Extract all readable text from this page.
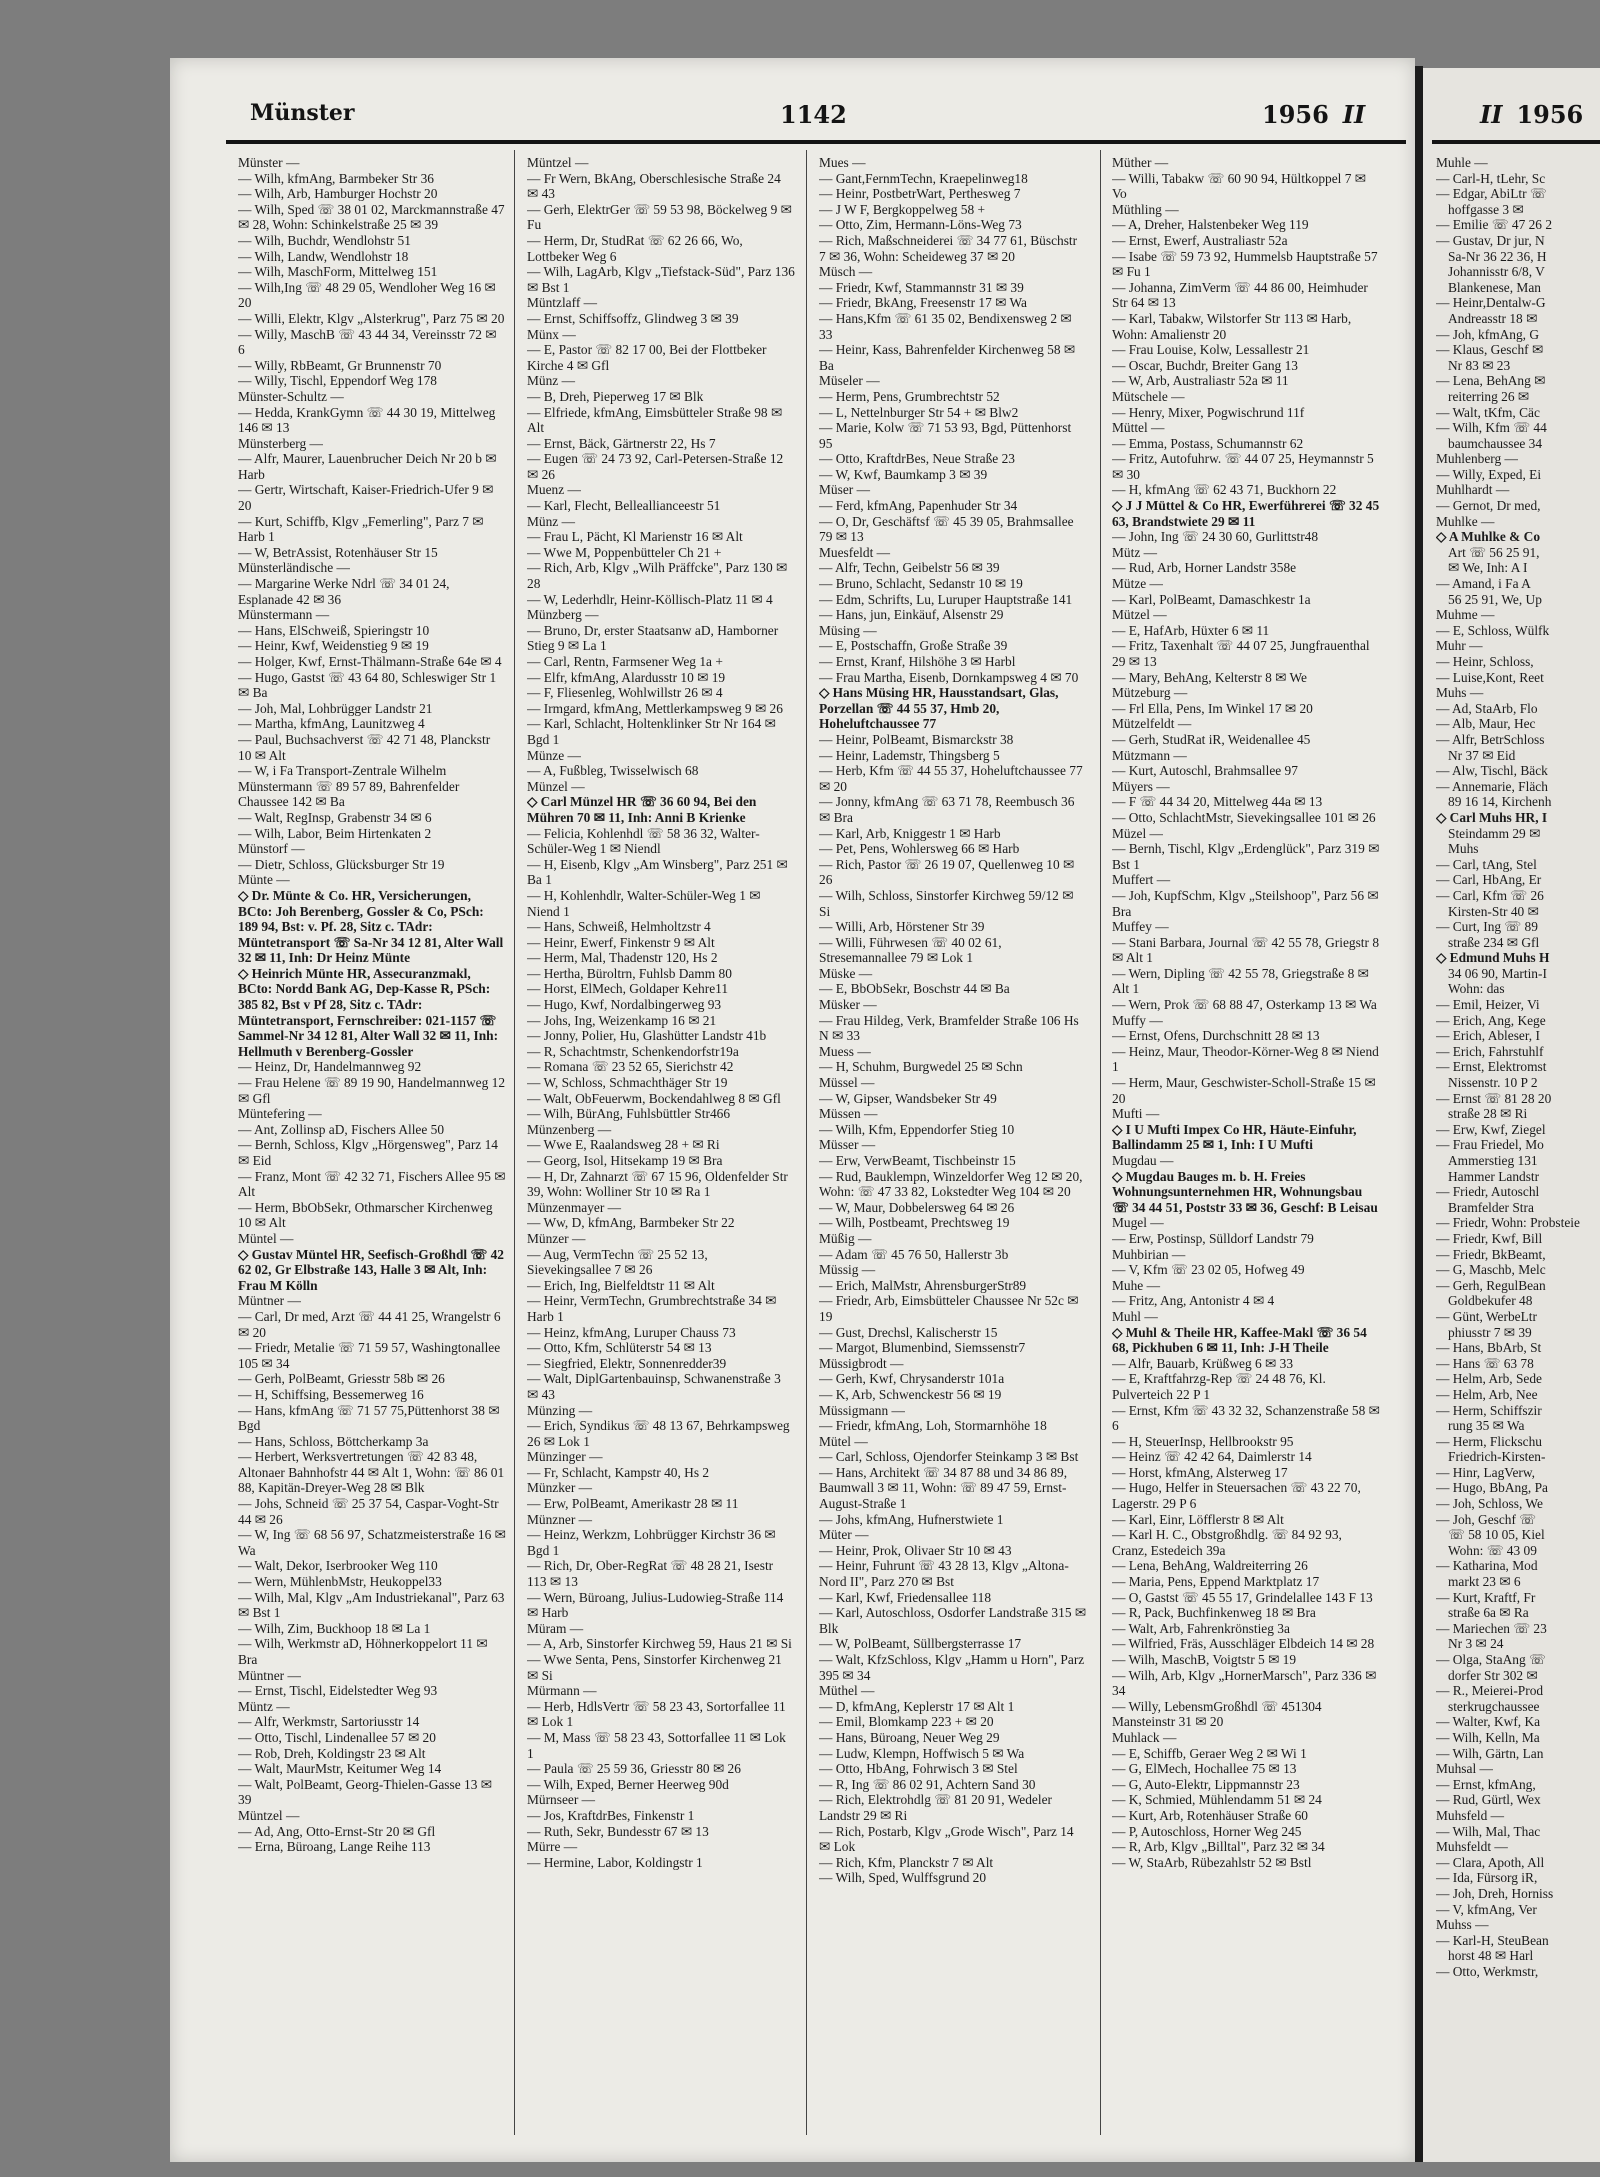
Münster	1142	1956 II	II 1956

Münster —

— Wilh, kfmAng, Barmbeker Str 36

— Wilh, Arb, Hamburger Hochstr 20

— Wilh, Sped ☏ 38 01 02, Marckmannstraße 47 ✉ 28, Wohn: Schinkelstraße 25 ✉ 39

— Wilh, Buchdr, Wendlohstr 51

— Wilh, Landw, Wendlohstr 18

— Wilh, MaschForm, Mittelweg 151

— Wilh,Ing ☏ 48 29 05, Wendloher Weg 16 ✉ 20

— Willi, Elektr, Klgv „Alsterkrug", Parz 75 ✉ 20

— Willy, MaschB ☏ 43 44 34, Vereinsstr 72 ✉ 6

— Willy, RbBeamt, Gr Brunnenstr 70

— Willy, Tischl, Eppendorf Weg 178

Münster-Schultz —

— Hedda, KrankGymn ☏ 44 30 19, Mittelweg 146 ✉ 13

Münsterberg —

— Alfr, Maurer, Lauenbrucher Deich Nr 20 b ✉ Harb

— Gertr, Wirtschaft, Kaiser-Friedrich-Ufer 9 ✉ 20

— Kurt, Schiffb, Klgv „Femerling", Parz 7 ✉ Harb 1

— W, BetrAssist, Rotenhäuser Str 15

Münsterländische —

— Margarine Werke Ndrl ☏ 34 01 24, Esplanade 42 ✉ 36

Münstermann —

— Hans, ElSchweiß, Spieringstr 10

— Heinr, Kwf, Weidenstieg 9 ✉ 19

— Holger, Kwf, Ernst-Thälmann-Straße 64e ✉ 4

— Hugo, Gastst ☏ 43 64 80, Schleswiger Str 1 ✉ Ba

— Joh, Mal, Lohbrügger Landstr 21

— Martha, kfmAng, Launitzweg 4

— Paul, Buchsachverst ☏ 42 71 48, Planckstr 10 ✉ Alt

— W, i Fa Transport-Zentrale Wilhelm Münstermann ☏ 89 57 89, Bahrenfelder Chaussee 142 ✉ Ba

— Walt, RegInsp, Grabenstr 34 ✉ 6

— Wilh, Labor, Beim Hirtenkaten 2

Münstorf —

— Dietr, Schloss, Glücksburger Str 19

Münte —

◇ Dr. Münte & Co. HR, Versicherungen, BCto: Joh Berenberg, Gossler & Co, PSch: 189 94, Bst: v. Pf. 28, Sitz c. TAdr: Müntetransport ☏ Sa-Nr 34 12 81, Alter Wall 32 ✉ 11, Inh: Dr Heinz Münte

◇ Heinrich Münte HR, Assecuranzmakl, BCto: Nordd Bank AG, Dep-Kasse R, PSch: 385 82, Bst v Pf 28, Sitz c. TAdr: Müntetransport, Fernschreiber: 021-1157 ☏ Sammel-Nr 34 12 81, Alter Wall 32 ✉ 11, Inh: Hellmuth v Berenberg-Gossler

— Heinz, Dr, Handelmannweg 92

— Frau Helene ☏ 89 19 90, Handelmannweg 12 ✉ Gfl

Müntefering —

— Ant, Zollinsp aD, Fischers Allee 50

— Bernh, Schloss, Klgv „Hörgensweg", Parz 14 ✉ Eid

— Franz, Mont ☏ 42 32 71, Fischers Allee 95 ✉ Alt

— Herm, BbObSekr, Othmarscher Kirchenweg 10 ✉ Alt

Müntel —

◇ Gustav Müntel HR, Seefisch-Großhdl ☏ 42 62 02, Gr Elbstraße 143, Halle 3 ✉ Alt, Inh: Frau M Kölln

Müntner —

— Carl, Dr med, Arzt ☏ 44 41 25, Wrangelstr 6 ✉ 20

— Friedr, Metalie ☏ 71 59 57, Washingtonallee 105 ✉ 34

— Gerh, PolBeamt, Griesstr 58b ✉ 26

— H, Schiffsing, Bessemerweg 16

— Hans, kfmAng ☏ 71 57 75,Püttenhorst 38 ✉ Bgd

— Hans, Schloss, Böttcherkamp 3a

— Herbert, Werksvertretungen ☏ 42 83 48, Altonaer Bahnhofstr 44 ✉ Alt 1, Wohn: ☏ 86 01 88, Kapitän-Dreyer-Weg 28 ✉ Blk

— Johs, Schneid ☏ 25 37 54, Caspar-Voght-Str 44 ✉ 26

— W, Ing ☏ 68 56 97, Schatzmeisterstraße 16 ✉ Wa

— Walt, Dekor, Iserbrooker Weg 110

— Wern, MühlenbMstr, Heukoppel33

— Wilh, Mal, Klgv „Am Industriekanal", Parz 63 ✉ Bst 1

— Wilh, Zim, Buckhoop 18 ✉ La 1

— Wilh, Werkmstr aD, Höhnerkoppelort 11 ✉ Bra

Müntner —

— Ernst, Tischl, Eidelstedter Weg 93

Müntz —

— Alfr, Werkmstr, Sartoriusstr 14

— Otto, Tischl, Lindenallee 57 ✉ 20

— Rob, Dreh, Koldingstr 23 ✉ Alt

— Walt, MaurMstr, Keitumer Weg 14

— Walt, PolBeamt, Georg-Thielen-Gasse 13 ✉ 39

Müntzel —

— Ad, Ang, Otto-Ernst-Str 20 ✉ Gfl

— Erna, Büroang, Lange Reihe 113

Müntzel —

— Fr Wern, BkAng, Oberschlesische Straße 24 ✉ 43

— Gerh, ElektrGer ☏ 59 53 98, Böckelweg 9 ✉ Fu

— Herm, Dr, StudRat ☏ 62 26 66, Wo, Lottbeker Weg 6

— Wilh, LagArb, Klgv „Tiefstack-Süd", Parz 136 ✉ Bst 1

Müntzlaff —

— Ernst, Schiffsoffz, Glindweg 3 ✉ 39

Münx —

— E, Pastor ☏ 82 17 00, Bei der Flottbeker Kirche 4 ✉ Gfl

Münz —

— B, Dreh, Pieperweg 17 ✉ Blk

— Elfriede, kfmAng, Eimsbütteler Straße 98 ✉ Alt

— Ernst, Bäck, Gärtnerstr 22, Hs 7

— Eugen ☏ 24 73 92, Carl-Petersen-Straße 12 ✉ 26

Muenz —

— Karl, Flecht, Belleallianceestr 51

Münz —

— Frau L, Pächt, Kl Marienstr 16 ✉ Alt

— Wwe M, Poppenbütteler Ch 21 +

— Rich, Arb, Klgv „Wilh Präffcke", Parz 130 ✉ 28

— W, Lederhdlr, Heinr-Köllisch-Platz 11 ✉ 4

Münzberg —

— Bruno, Dr, erster Staatsanw aD, Hamborner Stieg 9 ✉ La 1

— Carl, Rentn, Farmsener Weg 1a +

— Elfr, kfmAng, Alardusstr 10 ✉ 19

— F, Fliesenleg, Wohlwillstr 26 ✉ 4

— Irmgard, kfmAng, Mettlerkampsweg 9 ✉ 26

— Karl, Schlacht, Holtenklinker Str Nr 164 ✉ Bgd 1

Münze —

— A, Fußbleg, Twisselwisch 68

Münzel —

◇ Carl Münzel HR ☏ 36 60 94, Bei den Mühren 70 ✉ 11, Inh: Anni B Krienke

— Felicia, Kohlenhdl ☏ 58 36 32, Walter-Schüler-Weg 1 ✉ Niendl

— H, Eisenb, Klgv „Am Winsberg", Parz 251 ✉ Ba 1

— H, Kohlenhdlr, Walter-Schüler-Weg 1 ✉ Niend 1

— Hans, Schweiß, Helmholtzstr 4

— Heinr, Ewerf, Finkenstr 9 ✉ Alt

— Herm, Mal, Thadenstr 120, Hs 2

— Hertha, Büroltrn, Fuhlsb Damm 80

— Horst, ElMech, Goldaper Kehre11

— Hugo, Kwf, Nordalbingerweg 93

— Johs, Ing, Weizenkamp 16 ✉ 21

— Jonny, Polier, Hu, Glashütter Landstr 41b

— R, Schachtmstr, Schenkendorfstr19a

— Romana ☏ 23 52 65, Sierichstr 42

— W, Schloss, Schmachthäger Str 19

— Walt, ObFeuerwm, Bockendahlweg 8 ✉ Gfl

— Wilh, BürAng, Fuhlsbüttler Str466

Münzenberg —

— Wwe E, Raalandsweg 28 + ✉ Ri

— Georg, Isol, Hitsekamp 19 ✉ Bra

— H, Dr, Zahnarzt ☏ 67 15 96, Oldenfelder Str 39, Wohn: Wolliner Str 10 ✉ Ra 1

Münzenmayer —

— Ww, D, kfmAng, Barmbeker Str 22

Münzer —

— Aug, VermTechn ☏ 25 52 13, Sievekingsallee 7 ✉ 26

— Erich, Ing, Bielfeldtstr 11 ✉ Alt

— Heinr, VermTechn, Grumbrechtstraße 34 ✉ Harb 1

— Heinz, kfmAng, Luruper Chauss 73

— Otto, Kfm, Schlüterstr 54 ✉ 13

— Siegfried, Elektr, Sonnenredder39

— Walt, DiplGartenbauinsp, Schwanenstraße 3 ✉ 43

Münzing —

— Erich, Syndikus ☏ 48 13 67, Behrkampsweg 26 ✉ Lok 1

Münzinger —

— Fr, Schlacht, Kampstr 40, Hs 2

Münzker —

— Erw, PolBeamt, Amerikastr 28 ✉ 11

Münzner —

— Heinz, Werkzm, Lohbrügger Kirchstr 36 ✉ Bgd 1

— Rich, Dr, Ober-RegRat ☏ 48 28 21, Isestr 113 ✉ 13

— Wern, Büroang, Julius-Ludowieg-Straße 114 ✉ Harb

Müram —

— A, Arb, Sinstorfer Kirchweg 59, Haus 21 ✉ Si

— Wwe Senta, Pens, Sinstorfer Kirchenweg 21 ✉ Si

Mürmann —

— Herb, HdlsVertr ☏ 58 23 43, Sortorfallee 11 ✉ Lok 1

— M, Mass ☏ 58 23 43, Sottorfallee 11 ✉ Lok 1

— Paula ☏ 25 59 36, Griesstr 80 ✉ 26

— Wilh, Exped, Berner Heerweg 90d

Mürnseer —

— Jos, KraftdrBes, Finkenstr 1

— Ruth, Sekr, Bundesstr 67 ✉ 13

Mürre —

— Hermine, Labor, Koldingstr 1

Mues —

— Gant,FernmTechn, Kraepelinweg18

— Heinr, PostbetrWart, Perthesweg 7

— J W F, Bergkoppelweg 58 +

— Otto, Zim, Hermann-Löns-Weg 73

— Rich, Maßschneiderei ☏ 34 77 61, Büschstr 7 ✉ 36, Wohn: Scheideweg 37 ✉ 20

Müsch —

— Friedr, Kwf, Stammannstr 31 ✉ 39

— Friedr, BkAng, Freesenstr 17 ✉ Wa

— Hans,Kfm ☏ 61 35 02, Bendixensweg 2 ✉ 33

— Heinr, Kass, Bahrenfelder Kirchenweg 58 ✉ Ba

Müseler —

— Herm, Pens, Grumbrechtstr 52

— L, Nettelnburger Str 54 + ✉ Blw2

— Marie, Kolw ☏ 71 53 93, Bgd, Püttenhorst 95

— Otto, KraftdrBes, Neue Straße 23

— W, Kwf, Baumkamp 3 ✉ 39

Müser —

— Ferd, kfmAng, Papenhuder Str 34

— O, Dr, Geschäftsf ☏ 45 39 05, Brahmsallee 79 ✉ 13

Muesfeldt —

— Alfr, Techn, Geibelstr 56 ✉ 39

— Bruno, Schlacht, Sedanstr 10 ✉ 19

— Edm, Schrifts, Lu, Luruper Hauptstraße 141

— Hans, jun, Einkäuf, Alsenstr 29

Müsing —

— E, Postschaffn, Große Straße 39

— Ernst, Kranf, Hilshöhe 3 ✉ Harbl

— Frau Martha, Eisenb, Dornkampsweg 4 ✉ 70

◇ Hans Müsing HR, Hausstandsart, Glas, Porzellan ☏ 44 55 37, Hmb 20, Hoheluftchaussee 77

— Heinr, PolBeamt, Bismarckstr 38

— Heinr, Lademstr, Thingsberg 5

— Herb, Kfm ☏ 44 55 37, Hoheluftchaussee 77 ✉ 20

— Jonny, kfmAng ☏ 63 71 78, Reembusch 36 ✉ Bra

— Karl, Arb, Kniggestr 1 ✉ Harb

— Pet, Pens, Wohlersweg 66 ✉ Harb

— Rich, Pastor ☏ 26 19 07, Quellenweg 10 ✉ 26

— Wilh, Schloss, Sinstorfer Kirchweg 59/12 ✉ Si

— Willi, Arb, Hörstener Str 39

— Willi, Führwesen ☏ 40 02 61, Stresemannallee 79 ✉ Lok 1

Müske —

— E, BbObSekr, Boschstr 44 ✉ Ba

Müsker —

— Frau Hildeg, Verk, Bramfelder Straße 106 Hs N ✉ 33

Muess —

— H, Schuhm, Burgwedel 25 ✉ Schn

Müssel —

— W, Gipser, Wandsbeker Str 49

Müssen —

— Wilh, Kfm, Eppendorfer Stieg 10

Müsser —

— Erw, VerwBeamt, Tischbeinstr 15

— Rud, Bauklempn, Winzeldorfer Weg 12 ✉ 20, Wohn: ☏ 47 33 82, Lokstedter Weg 104 ✉ 20

— W, Maur, Dobbelersweg 64 ✉ 26

— Wilh, Postbeamt, Prechtsweg 19

Müßig —

— Adam ☏ 45 76 50, Hallerstr 3b

Müssig —

— Erich, MalMstr, AhrensburgerStr89

— Friedr, Arb, Eimsbütteler Chaussee Nr 52c ✉ 19

— Gust, Drechsl, Kalischerstr 15

— Margot, Blumenbind, Siemssenstr7

Müssigbrodt —

— Gerh, Kwf, Chrysanderstr 101a

— K, Arb, Schwenckestr 56 ✉ 19

Müssigmann —

— Friedr, kfmAng, Loh, Stormarnhöhe 18

Mütel —

— Carl, Schloss, Ojendorfer Steinkamp 3 ✉ Bst

— Hans, Architekt ☏ 34 87 88 und 34 86 89, Baumwall 3 ✉ 11, Wohn: ☏ 89 47 59, Ernst-August-Straße 1

— Johs, kfmAng, Hufnerstwiete 1

Müter —

— Heinr, Prok, Olivaer Str 10 ✉ 43

— Heinr, Fuhrunt ☏ 43 28 13, Klgv „Altona-Nord II", Parz 270 ✉ Bst

— Karl, Kwf, Friedensallee 118

— Karl, Autoschloss, Osdorfer Landstraße 315 ✉ Blk

— W, PolBeamt, Süllbergsterrasse 17

— Walt, KfzSchloss, Klgv „Hamm u Horn", Parz 395 ✉ 34

Müthel —

— D, kfmAng, Keplerstr 17 ✉ Alt 1

— Emil, Blomkamp 223 + ✉ 20

— Hans, Büroang, Neuer Weg 29

— Ludw, Klempn, Hoffwisch 5 ✉ Wa

— Otto, HbAng, Fohrwisch 3 ✉ Stel

— R, Ing ☏ 86 02 91, Achtern Sand 30

— Rich, Elektrohdlg ☏ 81 20 91, Wedeler Landstr 29 ✉ Ri

— Rich, Postarb, Klgv „Grode Wisch", Parz 14 ✉ Lok

— Rich, Kfm, Planckstr 7 ✉ Alt

— Wilh, Sped, Wulffsgrund 20

Müther —

— Willi, Tabakw ☏ 60 90 94, Hültkoppel 7 ✉ Vo

Müthling —

— A, Dreher, Halstenbeker Weg 119

— Ernst, Ewerf, Australiastr 52a

— Isabe ☏ 59 73 92, Hummelsb Hauptstraße 57 ✉ Fu 1

— Johanna, ZimVerm ☏ 44 86 00, Heimhuder Str 64 ✉ 13

— Karl, Tabakw, Wilstorfer Str 113 ✉ Harb, Wohn: Amalienstr 20

— Frau Louise, Kolw, Lessallestr 21

— Oscar, Buchdr, Breiter Gang 13

— W, Arb, Australiastr 52a ✉ 11

Mütschele —

— Henry, Mixer, Pogwischrund 11f

Müttel —

— Emma, Postass, Schumannstr 62

— Fritz, Autofuhrw. ☏ 44 07 25, Heymannstr 5 ✉ 30

— H, kfmAng ☏ 62 43 71, Buckhorn 22

◇ J J Müttel & Co HR, Ewerführerei ☏ 32 45 63, Brandstwiete 29 ✉ 11

— John, Ing ☏ 24 30 60, Gurlittstr48

Mütz —

— Rud, Arb, Horner Landstr 358e

Mütze —

— Karl, PolBeamt, Damaschkestr 1a

Mützel —

— E, HafArb, Hüxter 6 ✉ 11

— Fritz, Taxenhalt ☏ 44 07 25, Jungfrauenthal 29 ✉ 13

— Mary, BehAng, Kelterstr 8 ✉ We

Mützeburg —

— Frl Ella, Pens, Im Winkel 17 ✉ 20

Mützelfeldt —

— Gerh, StudRat iR, Weidenallee 45

Mützmann —

— Kurt, Autoschl, Brahmsallee 97

Müyers —

— F ☏ 44 34 20, Mittelweg 44a ✉ 13

— Otto, SchlachtMstr, Sievekingsallee 101 ✉ 26

Müzel —

— Bernh, Tischl, Klgv „Erdenglück", Parz 319 ✉ Bst 1

Muffert —

— Joh, KupfSchm, Klgv „Steilshoop", Parz 56 ✉ Bra

Muffey —

— Stani Barbara, Journal ☏ 42 55 78, Griegstr 8 ✉ Alt 1

— Wern, Dipling ☏ 42 55 78, Griegstraße 8 ✉ Alt 1

— Wern, Prok ☏ 68 88 47, Osterkamp 13 ✉ Wa

Muffy —

— Ernst, Ofens, Durchschnitt 28 ✉ 13

— Heinz, Maur, Theodor-Körner-Weg 8 ✉ Niend 1

— Herm, Maur, Geschwister-Scholl-Straße 15 ✉ 20

Mufti —

◇ I U Mufti Impex Co HR, Häute-Einfuhr, Ballindamm 25 ✉ 1, Inh: I U Mufti

Mugdau —

◇ Mugdau Bauges m. b. H. Freies Wohnungsunternehmen HR, Wohnungsbau ☏ 34 44 51, Poststr 33 ✉ 36, Geschf: B Leisau

Mugel —

— Erw, Postinsp, Sülldorf Landstr 79

Muhbirian —

— V, Kfm ☏ 23 02 05, Hofweg 49

Muhe —

— Fritz, Ang, Antonistr 4 ✉ 4

Muhl —

◇ Muhl & Theile HR, Kaffee-Makl ☏ 36 54 68, Pickhuben 6 ✉ 11, Inh: J-H Theile

— Alfr, Bauarb, Krüßweg 6 ✉ 33

— E, Kraftfahrzg-Rep ☏ 24 48 76, Kl. Pulverteich 22 P 1

— Ernst, Kfm ☏ 43 32 32, Schanzenstraße 58 ✉ 6

— H, SteuerInsp, Hellbrookstr 95

— Heinz ☏ 42 42 64, Daimlerstr 14

— Horst, kfmAng, Alsterweg 17

— Hugo, Helfer in Steuersachen ☏ 43 22 70, Lagerstr. 29 P 6

— Karl, Einr, Löfflerstr 8 ✉ Alt

— Karl H. C., Obstgroßhdlg. ☏ 84 92 93, Cranz, Estedeich 39a

— Lena, BehAng, Waldreiterring 26

— Maria, Pens, Eppend Marktplatz 17

— O, Gastst ☏ 45 55 17, Grindelallee 143 F 13

— R, Pack, Buchfinkenweg 18 ✉ Bra

— Walt, Arb, Fahrenkrönstieg 3a

— Wilfried, Fräs, Ausschläger Elbdeich 14 ✉ 28

— Wilh, MaschB, Voigtstr 5 ✉ 19

— Wilh, Arb, Klgv „HornerMarsch", Parz 336 ✉ 34

— Willy, LebensmGroßhdl ☏ 451304 Mansteinstr 31 ✉ 20

Muhlack —

— E, Schiffb, Geraer Weg 2 ✉ Wi 1

— G, ElMech, Hochallee 75 ✉ 13

— G, Auto-Elektr, Lippmannstr 23

— K, Schmied, Mühlendamm 51 ✉ 24

— Kurt, Arb, Rotenhäuser Straße 60

— P, Autoschloss, Horner Weg 245

— R, Arb, Klgv „Billtal", Parz 32 ✉ 34

— W, StaArb, Rübezahlstr 52 ✉ Bstl

Muhle —

— Carl-H, tLehr, Sc

— Edgar, AbiLtr ☏

hoffgasse 3 ✉

— Emilie ☏ 47 26 2

— Gustav, Dr jur, N

Sa-Nr 36 22 36, H

Johannisstr 6/8, V

Blankenese, Man

— Heinr,Dentalw-G

Andreasstr 18 ✉

— Joh, kfmAng, G

— Klaus, Geschf ✉

Nr 83 ✉ 23

— Lena, BehAng ✉

reiterring 26 ✉

— Walt, tKfm, Cäc

— Wilh, Kfm ☏ 44

baumchaussee 34

Muhlenberg —

— Willy, Exped, Ei

Muhlhardt —

— Gernot, Dr med,

Muhlke —

◇ A Muhlke & Co

Art ☏ 56 25 91,

✉ We, Inh: A I

— Amand, i Fa A

56 25 91, We, Up

Muhme —

— E, Schloss, Wülfk

Muhr —

— Heinr, Schloss,

— Luise,Kont, Reet

Muhs —

— Ad, StaArb, Flo

— Alb, Maur, Hec

— Alfr, BetrSchloss

Nr 37 ✉ Eid

— Alw, Tischl, Bäck

— Annemarie, Fläch

89 16 14, Kirchenh

◇ Carl Muhs HR, I

Steindamm 29 ✉

Muhs

— Carl, tAng, Stel

— Carl, HbAng, Er

— Carl, Kfm ☏ 26

Kirsten-Str 40 ✉

— Curt, Ing ☏ 89

straße 234 ✉ Gfl

◇ Edmund Muhs H

34 06 90, Martin-I

Wohn: das

— Emil, Heizer, Vi

— Erich, Ang, Kege

— Erich, Ableser, I

— Erich, Fahrstuhlf

— Ernst, Elektromst

Nissenstr. 10 P 2

— Ernst ☏ 81 28 20

straße 28 ✉ Ri

— Erw, Kwf, Ziegel

— Frau Friedel, Mo

Ammerstieg 131

Hammer Landstr

— Friedr, Autoschl

Bramfelder Stra

— Friedr, Wohn: Probsteie

— Friedr, Kwf, Bill

— Friedr, BkBeamt,

— G, Maschb, Melc

— Gerh, RegulBean

Goldbekufer 48

— Günt, WerbeLtr

phiusstr 7 ✉ 39

— Hans, BbArb, St

— Hans ☏ 63 78

— Helm, Arb, Sede

— Helm, Arb, Nee

— Herm, Schiffszir

rung 35 ✉ Wa

— Herm, Flickschu

Friedrich-Kirsten-

— Hinr, LagVerw,

— Hugo, BbAng, Pa

— Joh, Schloss, We

— Joh, Geschf ☏

☏ 58 10 05, Kiel

Wohn: ☏ 43 09

— Katharina, Mod

markt 23 ✉ 6

— Kurt, Kraftf, Fr

straße 6a ✉ Ra

— Mariechen ☏ 23

Nr 3 ✉ 24

— Olga, StaAng ☏

dorfer Str 302 ✉

— R., Meierei-Prod

sterkrugchaussee

— Walter, Kwf, Ka

— Wilh, Kelln, Ma

— Wilh, Gärtn, Lan

Muhsal —

— Ernst, kfmAng,

— Rud, Gürtl, Wex

Muhsfeld —

— Wilh, Mal, Thac

Muhsfeldt —

— Clara, Apoth, All

— Ida, Fürsorg iR,

— Joh, Dreh, Horniss

— V, kfmAng, Ver

Muhss —

— Karl-H, SteuBean

horst 48 ✉ Harl

— Otto, Werkmstr,
